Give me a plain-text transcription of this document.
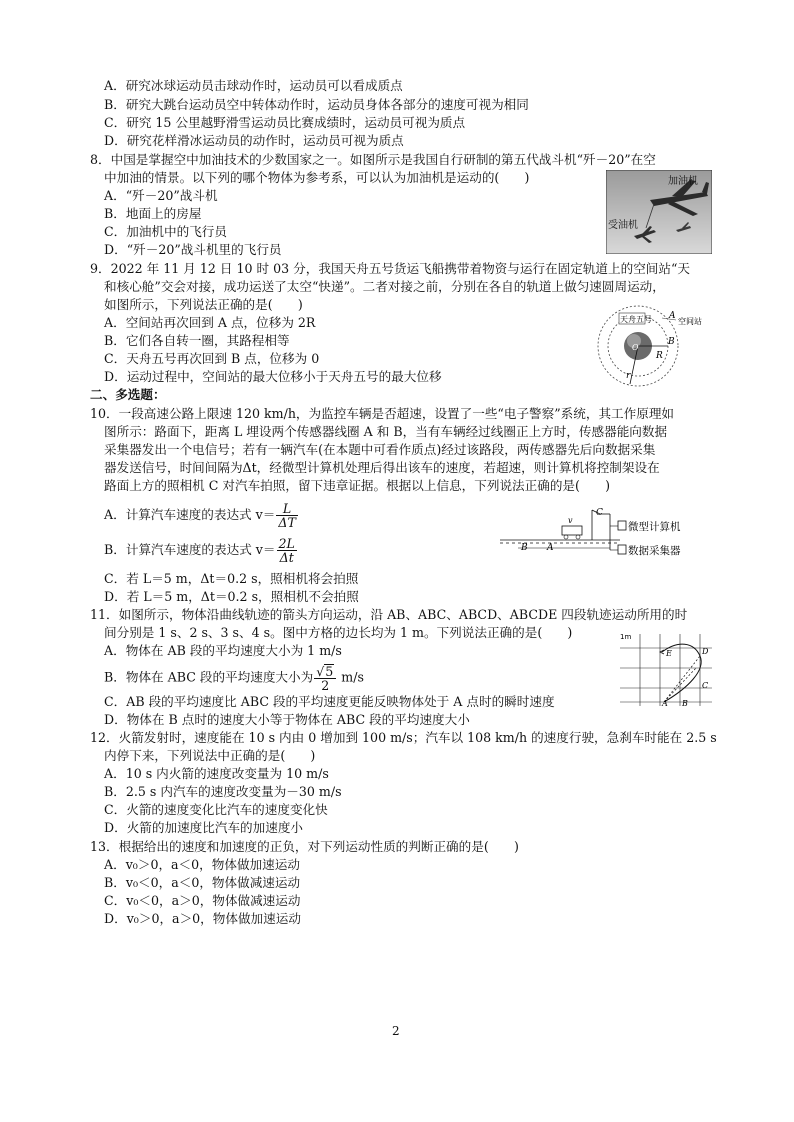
A．研究冰球运动员击球动作时，运动员可以看成质点
B．研究大跳台运动员空中转体动作时，运动员身体各部分的速度可视为相同
C．研究 15 公里越野滑雪运动员比赛成绩时，运动员可视为质点
D．研究花样滑冰运动员的动作时，运动员可视为质点
8．中国是掌握空中加油技术的少数国家之一。如图所示是我国自行研制的第五代战斗机“歼－20”在空
中加油的情景。以下列的哪个物体为参考系，可以认为加油机是运动的(　　)
A．“歼－20”战斗机
B．地面上的房屋
C．加油机中的飞行员
D．“歼－20”战斗机里的飞行员
加油机
受油机
9．2022 年 11 月 12 日 10 时 03 分，我国天舟五号货运飞船携带着物资与运行在固定轨道上的空间站“天
和核心舱”交会对接，成功运送了太空“快递”。二者对接之前，分别在各自的轨道上做匀速圆周运动，
如图所示，下列说法正确的是(　　)
A．空间站再次回到 A 点，位移为 2R
B．它们各自转一圈，其路程相等
C．天舟五号再次回到 B 点，位移为 0
D．运动过程中，空间站的最大位移小于天舟五号的最大位移
天舟五号	空间站
A
B
R
r
O
二、多选题：
10．一段高速公路上限速 120 km/h，为监控车辆是否超速，设置了一些“电子警察”系统，其工作原理如
图所示：路面下，距离 L 埋设两个传感器线圈 A 和 B，当有车辆经过线圈正上方时，传感器能向数据
采集器发出一个电信号；若有一辆汽车(在本题中可看作质点)经过该路段，两传感器先后向数据采集
器发送信号，时间间隔为Δt，经微型计算机处理后得出该车的速度，若超速，则计算机将控制架设在
路面上方的照相机 C 对汽车拍照，留下违章证据。根据以上信息，下列说法正确的是(　　)
A．计算汽车速度的表达式 $v= \frac{L}{\Delta T}$
B．计算汽车速度的表达式 $v= \frac{2L}{\Delta t}$
C．若 L＝5 m，Δt＝0.2 s，照相机将会拍照
D．若 L＝5 m，Δt＝0.2 s，照相机不会拍照
C
v
B A
微型计算机
数据采集器
11．如图所示，物体沿曲线轨迹的箭头方向运动，沿 AB、ABC、ABCD、ABCDE 四段轨迹运动所用的时
间分别是 1 s、2 s、3 s、4 s。图中方格的边长均为 1 m。下列说法正确的是(　　)
A．物体在 AB 段的平均速度大小为 1 m/s
B．物体在 ABC 段的平均速度大小为 $\frac{√5}{2} m/s$
C．AB 段的平均速度比 ABC 段的平均速度更能反映物体处于 A 点时的瞬时速度
D．物体在 B 点时的速度大小等于物体在 ABC 段的平均速度大小
1m
E	D
C
A B
12．火箭发射时，速度能在 10 s 内由 0 增加到 100 m/s；汽车以 108 km/h 的速度行驶，急刹车时能在 2.5 s
内停下来，下列说法中正确的是(　　)
A．10 s 内火箭的速度改变量为 10 m/s
B．2.5 s 内汽车的速度改变量为－30 m/s
C．火箭的速度变化比汽车的速度变化快
D．火箭的加速度比汽车的加速度小
13．根据给出的速度和加速度的正负，对下列运动性质的判断正确的是(　　)
A．v₀＞0，a＜0，物体做加速运动
B．v₀＜0，a＜0，物体做减速运动
C．v₀＜0，a＞0，物体做减速运动
D．v₀＞0，a＞0，物体做加速运动
2
